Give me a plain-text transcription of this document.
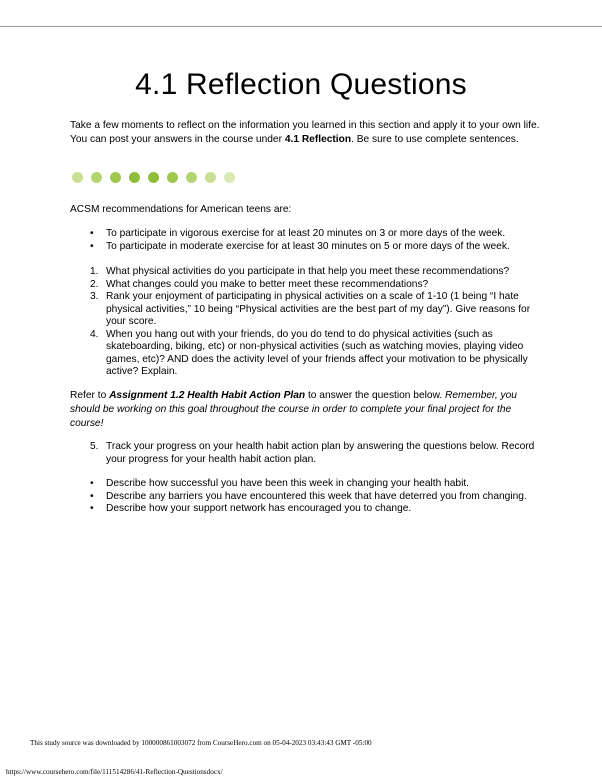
4.1 Reflection Questions

Take a few moments to reflect on the information you learned in this section and apply it to your own life. You can post your answers in the course under 4.1 Reflection. Be sure to use complete sentences.

ACSM recommendations for American teens are:

• To participate in vigorous exercise for at least 20 minutes on 3 or more days of the week.
• To participate in moderate exercise for at least 30 minutes on 5 or more days of the week.
1. What physical activities do you participate in that help you meet these recommendations?
2. What changes could you make to better meet these recommendations?
3. Rank your enjoyment of participating in physical activities on a scale of 1-10 (1 being “I hate physical activities,” 10 being “Physical activities are the best part of my day”). Give reasons for your score.
4. When you hang out with your friends, do you do tend to do physical activities (such as skateboarding, biking, etc) or non-physical activities (such as watching movies, playing video games, etc)? AND does the activity level of your friends affect your motivation to be physically active? Explain.

Refer to Assignment 1.2 Health Habit Action Plan to answer the question below. Remember, you should be working on this goal throughout the course in order to complete your final project for the course!

5. Track your progress on your health habit action plan by answering the questions below. Record your progress for your health habit action plan.
• Describe how successful you have been this week in changing your health habit.
• Describe any barriers you have encountered this week that have deterred you from changing.
• Describe how your support network has encouraged you to change.
This study source was downloaded by 100000861003072 from CourseHero.com on 05-04-2023 03:43:43 GMT -05:00
https://www.coursehero.com/file/111514286/41-Reflection-Questionsdocx/
